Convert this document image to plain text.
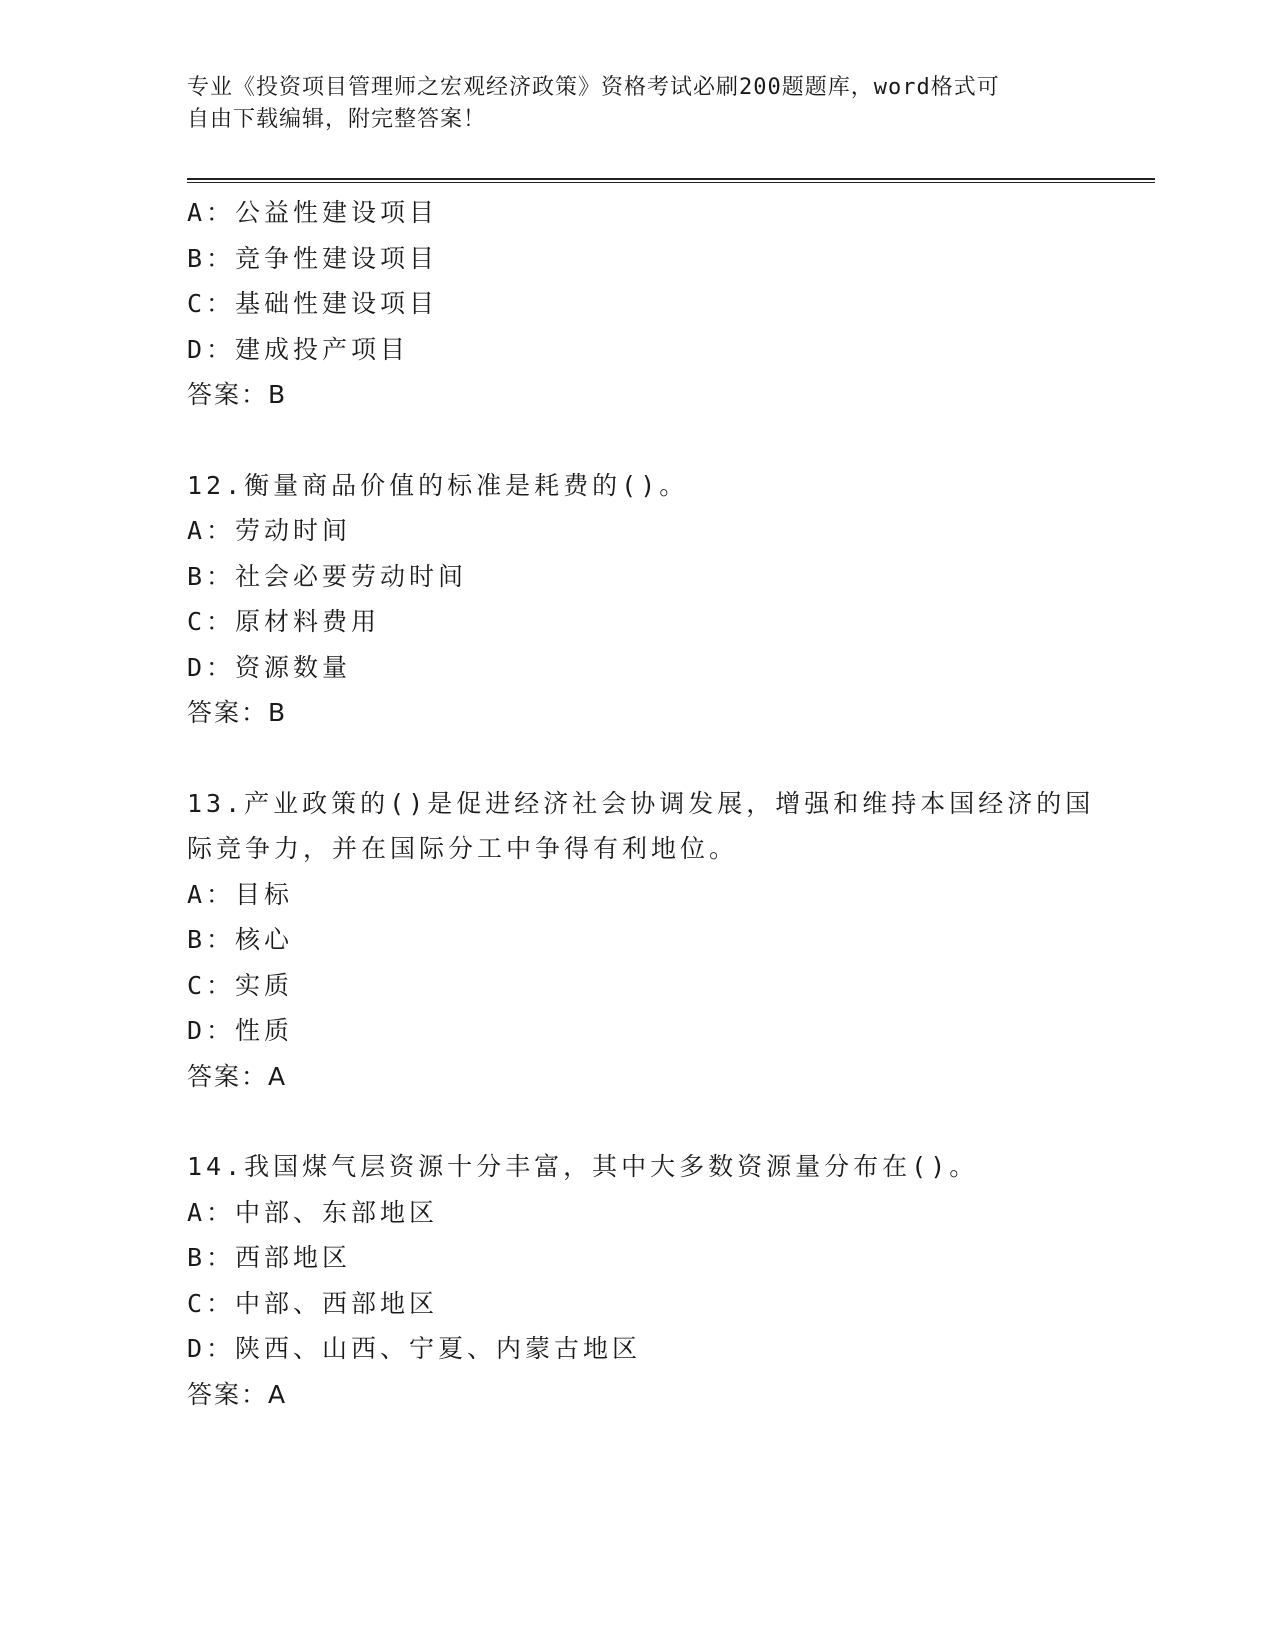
专业《投资项目管理师之宏观经济政策》资格考试必刷200题题库，word格式可
自由下载编辑，附完整答案！
A：公益性建设项目
B：竞争性建设项目
C：基础性建设项目
D：建成投产项目
答案：B
12.衡量商品价值的标准是耗费的()。
A：劳动时间
B：社会必要劳动时间
C：原材料费用
D：资源数量
答案：B
13.产业政策的()是促进经济社会协调发展，增强和维持本国经济的国
际竞争力，并在国际分工中争得有利地位。
A：目标
B：核心
C：实质
D：性质
答案：A
14.我国煤气层资源十分丰富，其中大多数资源量分布在()。
A：中部、东部地区
B：西部地区
C：中部、西部地区
D：陕西、山西、宁夏、内蒙古地区
答案：A
